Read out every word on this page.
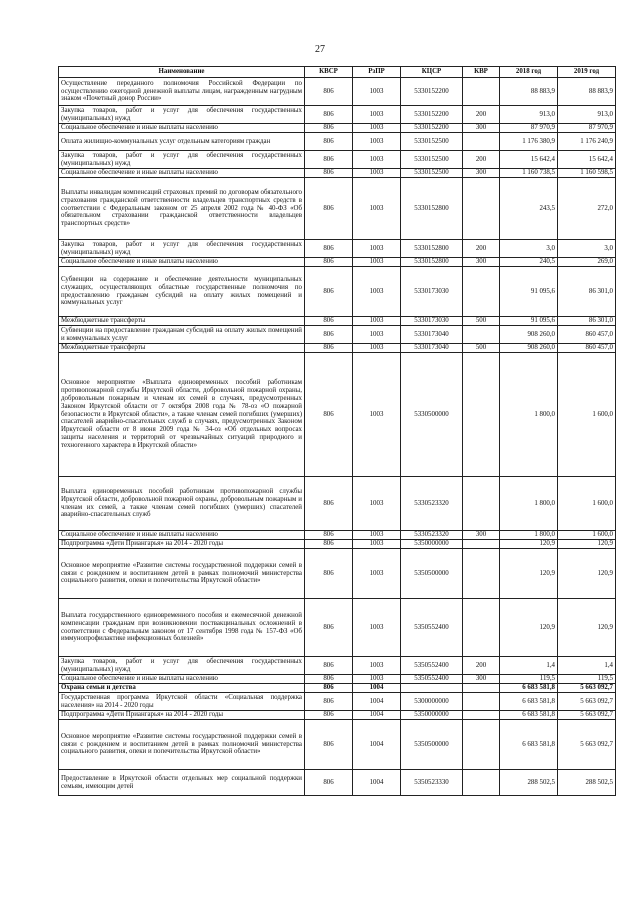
27
Наименование	КВСР	РзПР	КЦСР	КВР	2018 год	2019 год
Осуществление переданного полномочия Российской Федерации по осуществлению ежегодной денежной выплаты лицам, награжденным нагрудным знаком «Почетный донор России»	806	1003	5330152200		88 883,9	88 883,9
Закупка товаров, работ и услуг для обеспечения государственных (муниципальных) нужд	806	1003	5330152200	200	913,0	913,0
Социальное обеспечение и иные выплаты населению	806	1003	5330152200	300	87 970,9	87 970,9
Оплата жилищно-коммунальных услуг отдельным категориям граждан	806	1003	5330152500		1 176 380,9	1 176 240,9
Закупка товаров, работ и услуг для обеспечения государственных (муниципальных) нужд	806	1003	5330152500	200	15 642,4	15 642,4
Социальное обеспечение и иные выплаты населению	806	1003	5330152500	300	1 160 738,5	1 160 598,5
Выплаты инвалидам компенсаций страховых премий по договорам обязательного страхования гражданской ответственности владельцев транспортных средств в соответствии с Федеральным законом от 25 апреля 2002 года № 40-ФЗ «Об обязательном страховании гражданской ответственности владельцев транспортных средств»	806	1003	5330152800		243,5	272,0
Закупка товаров, работ и услуг для обеспечения государственных (муниципальных) нужд	806	1003	5330152800	200	3,0	3,0
Социальное обеспечение и иные выплаты населению	806	1003	5330152800	300	240,5	269,0
Субвенции на содержание и обеспечение деятельности муниципальных служащих, осуществляющих областные государственные полномочия по предоставлению гражданам субсидий на оплату жилых помещений и коммунальных услуг	806	1003	5330173030		91 095,6	86 301,0
Межбюджетные трансферты	806	1003	5330173030	500	91 095,6	86 301,0
Субвенции на предоставление гражданам субсидий на оплату жилых помещений и коммунальных услуг	806	1003	5330173040		908 260,0	860 457,0
Межбюджетные трансферты	806	1003	5330173040	500	908 260,0	860 457,0
Основное мероприятие «Выплата единовременных пособий работникам противопожарной службы Иркутской области, добровольной пожарной охраны, добровольным пожарным и членам их семей в случаях, предусмотренных Законом Иркутской области от 7 октября 2008 года № 78-оз «О пожарной безопасности в Иркутской области», а также членам семей погибших (умерших) спасателей аварийно-спасательных служб в случаях, предусмотренных Законом Иркутской области от 8 июня 2009 года № 34-оз «Об отдельных вопросах защиты населения и территорий от чрезвычайных ситуаций природного и техногенного характера в Иркутской области»	806	1003	5330500000		1 800,0	1 600,0
Выплата единовременных пособий работникам противопожарной службы Иркутской области, добровольной пожарной охраны, добровольным пожарным и членам их семей, а также членам семей погибших (умерших) спасателей аварийно-спасательных служб	806	1003	5330523320		1 800,0	1 600,0
Социальное обеспечение и иные выплаты населению	806	1003	5330523320	300	1 800,0	1 600,0
Подпрограмма «Дети Приангарья» на 2014 - 2020 годы	806	1003	5350000000		120,9	120,9
Основное мероприятие «Развитие системы государственной поддержки семей в связи с рождением и воспитанием детей в рамках полномочий министерства социального развития, опеки и попечительства Иркутской области»	806	1003	5350500000		120,9	120,9
Выплата государственного единовременного пособия и ежемесячной денежной компенсации гражданам при возникновении поствакцинальных осложнений в соответствии с Федеральным законом от 17 сентября 1998 года № 157-ФЗ «Об иммунопрофилактике инфекционных болезней»	806	1003	5350552400		120,9	120,9
Закупка товаров, работ и услуг для обеспечения государственных (муниципальных) нужд	806	1003	5350552400	200	1,4	1,4
Социальное обеспечение и иные выплаты населению	806	1003	5350552400	300	119,5	119,5
Охрана семьи и детства	806	1004			6 683 581,8	5 663 092,7
Государственная программа Иркутской области «Социальная поддержка населения» на 2014 - 2020 годы	806	1004	5300000000		6 683 581,8	5 663 092,7
Подпрограмма «Дети Приангарья» на 2014 - 2020 годы	806	1004	5350000000		6 683 581,8	5 663 092,7
Основное мероприятие «Развитие системы государственной поддержки семей в связи с рождением и воспитанием детей в рамках полномочий министерства социального развития, опеки и попечительства Иркутской области»	806	1004	5350500000		6 683 581,8	5 663 092,7
Предоставление в Иркутской области отдельных мер социальной поддержки семьям, имеющим детей	806	1004	5350523330		288 502,5	288 502,5
